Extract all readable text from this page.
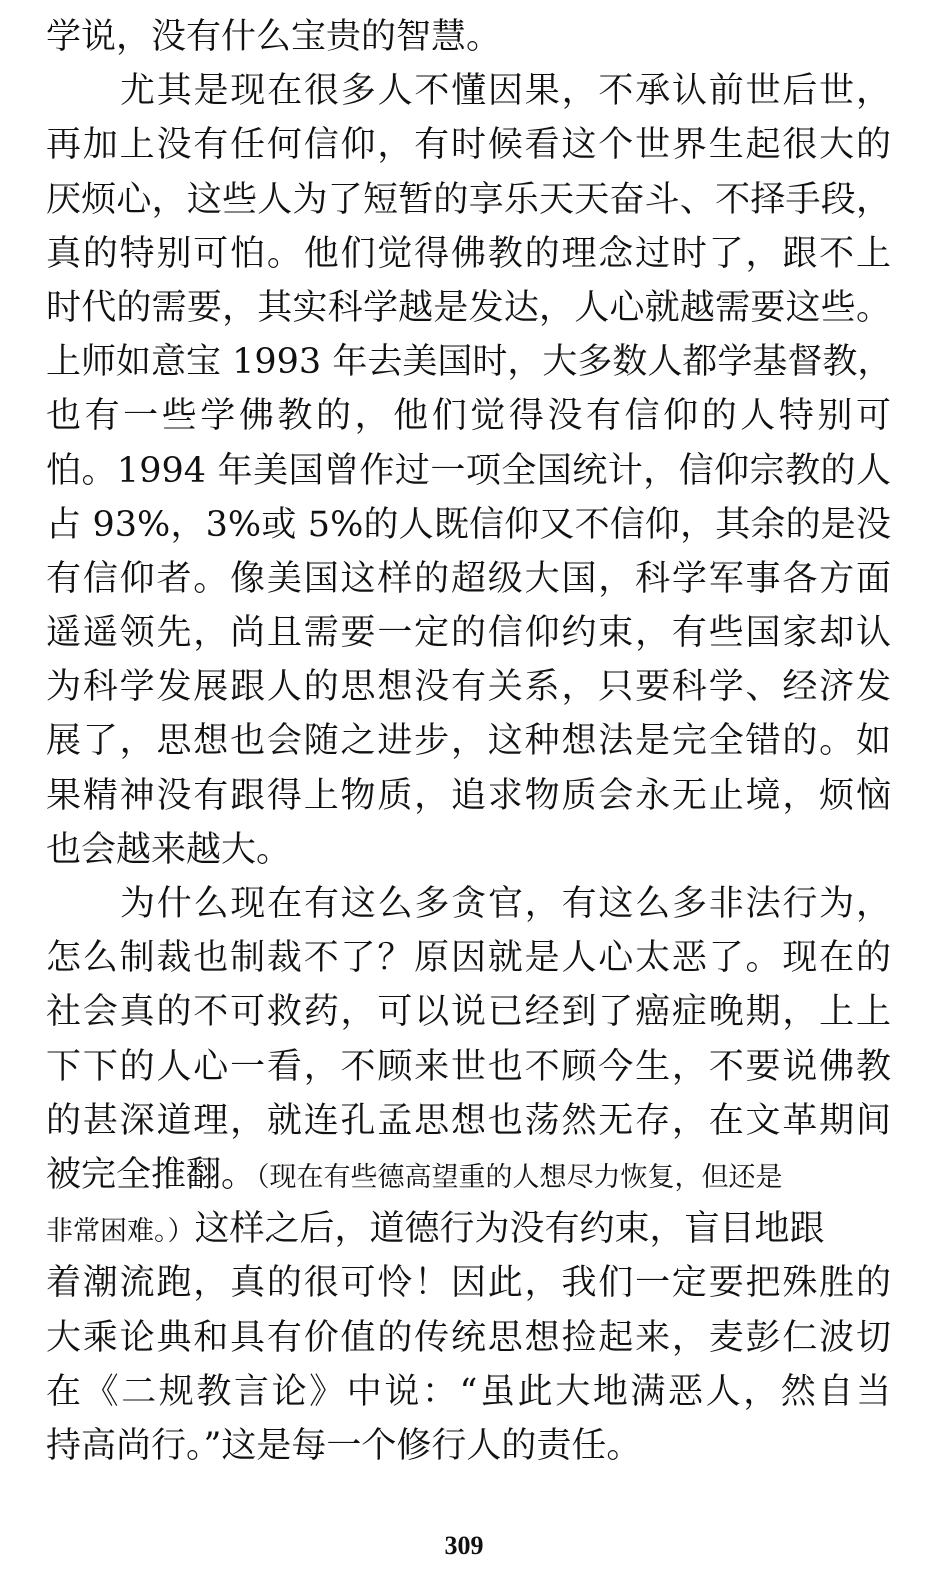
学说，没有什么宝贵的智慧。
尤其是现在很多人不懂因果，不承认前世后世，
再加上没有任何信仰，有时候看这个世界生起很大的
厌烦心，这些人为了短暂的享乐天天奋斗、不择手段，
真的特别可怕。他们觉得佛教的理念过时了，跟不上
时代的需要，其实科学越是发达，人心就越需要这些。
上师如意宝 1993 年去美国时，大多数人都学基督教，
也有一些学佛教的，他们觉得没有信仰的人特别可
怕。1994 年美国曾作过一项全国统计，信仰宗教的人
占 93%，3%或 5%的人既信仰又不信仰，其余的是没
有信仰者。像美国这样的超级大国，科学军事各方面
遥遥领先，尚且需要一定的信仰约束，有些国家却认
为科学发展跟人的思想没有关系，只要科学、经济发
展了，思想也会随之进步，这种想法是完全错的。如
果精神没有跟得上物质，追求物质会永无止境，烦恼
也会越来越大。
为什么现在有这么多贪官，有这么多非法行为，
怎么制裁也制裁不了？原因就是人心太恶了。现在的
社会真的不可救药，可以说已经到了癌症晚期，上上
下下的人心一看，不顾来世也不顾今生，不要说佛教
的甚深道理，就连孔孟思想也荡然无存，在文革期间
被完全推翻。（现在有些德高望重的人想尽力恢复，但还是
非常困难。）这样之后，道德行为没有约束，盲目地跟
着潮流跑，真的很可怜！因此，我们一定要把殊胜的
大乘论典和具有价值的传统思想捡起来，麦彭仁波切
在《二规教言论》中说：“虽此大地满恶人，然自当
持高尚行。”这是每一个修行人的责任。
309
